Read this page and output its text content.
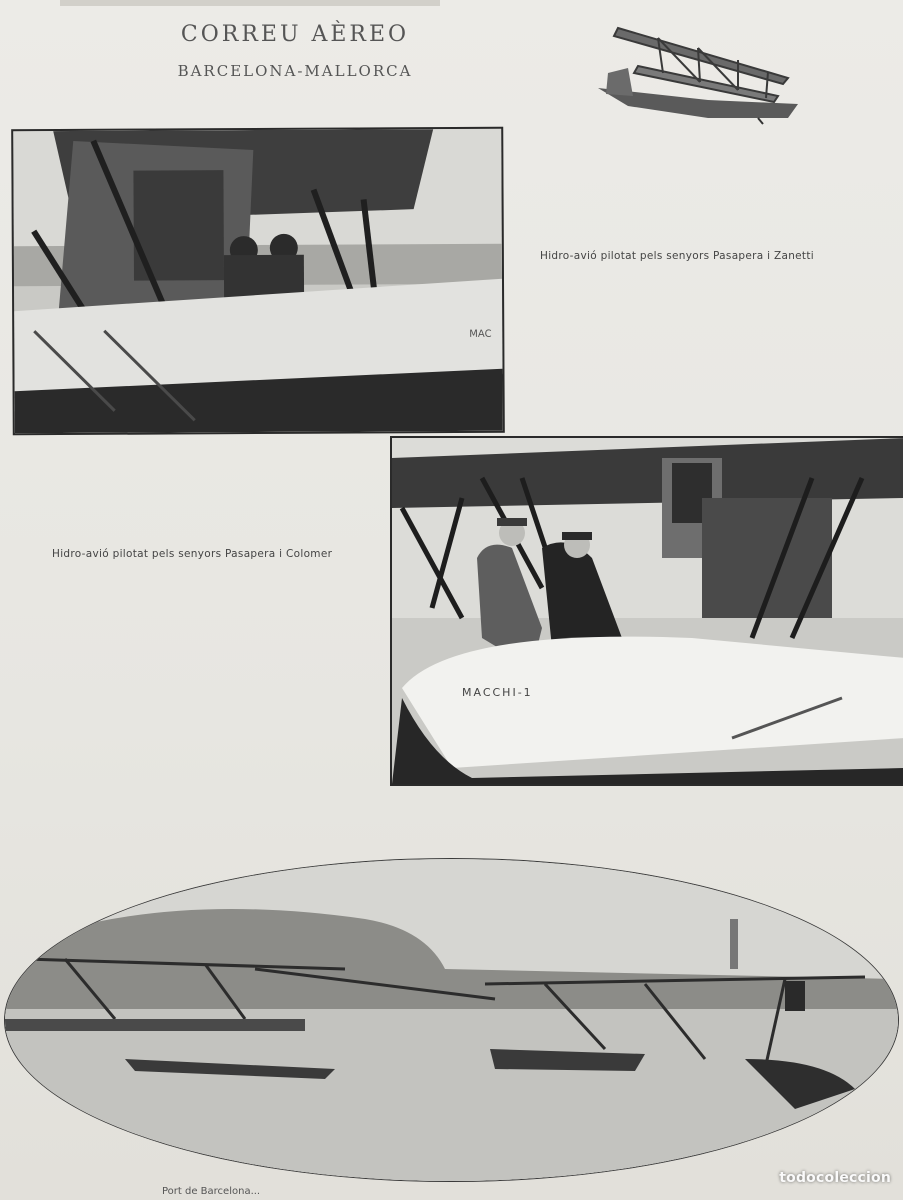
CORREU AÈREO
BARCELONA-MALLORCA
MAC
Hidro-avió pilotat pels senyors Pasapera i Zanetti
MACCHI-1
Hidro-avió pilotat pels senyors Pasapera i Colomer
Port de Barcelona...
todocoleccion
